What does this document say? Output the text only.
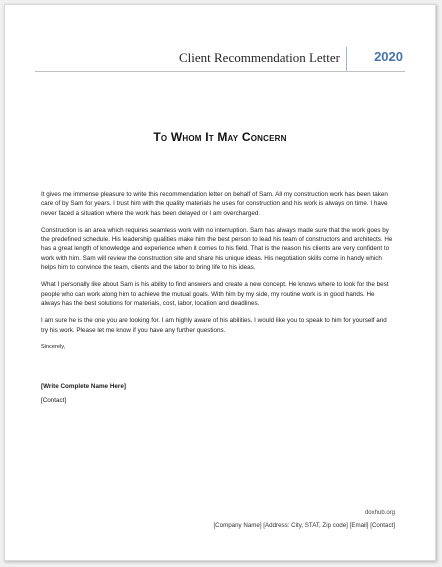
Client Recommendation Letter	2020
To Whom It May Concern

It gives me immense pleasure to write this recommendation letter on behalf of Sam. All my construction work has been taken care of by Sam for years. I trust him with the quality materials he uses for construction and his work is always on time. I have never faced a situation where the work has been delayed or I am overcharged.

Construction is an area which requires seamless work with no interruption. Sam has always made sure that the work goes by the predefined schedule. His leadership qualities make him the best person to lead his team of constructors and architects. He has a great length of knowledge and experience when it comes to his field. That is the reason his clients are very confident to work with him. Sam will review the construction site and share his unique ideas. His negotiation skills come in handy which helps him to convince the team, clients and the labor to bring life to his ideas.

What I personally like about Sam is his ability to find answers and create a new concept. He knows where to look for the best people who can work along him to achieve the mutual goals. With him by my side, my routine work is in good hands. He always has the best solutions for materials, cost, labor, location and deadlines.

I am sure he is the one you are looking for. I am highly aware of his abilities. I would like you to speak to him for yourself and try his work. Please let me know if you have any further questions.

Sincerely,
[Write Complete Name Here]
[Contact]
doxhub.org
[Company Name] [Address: City, STAT, Zip code] [Email] [Contact]
